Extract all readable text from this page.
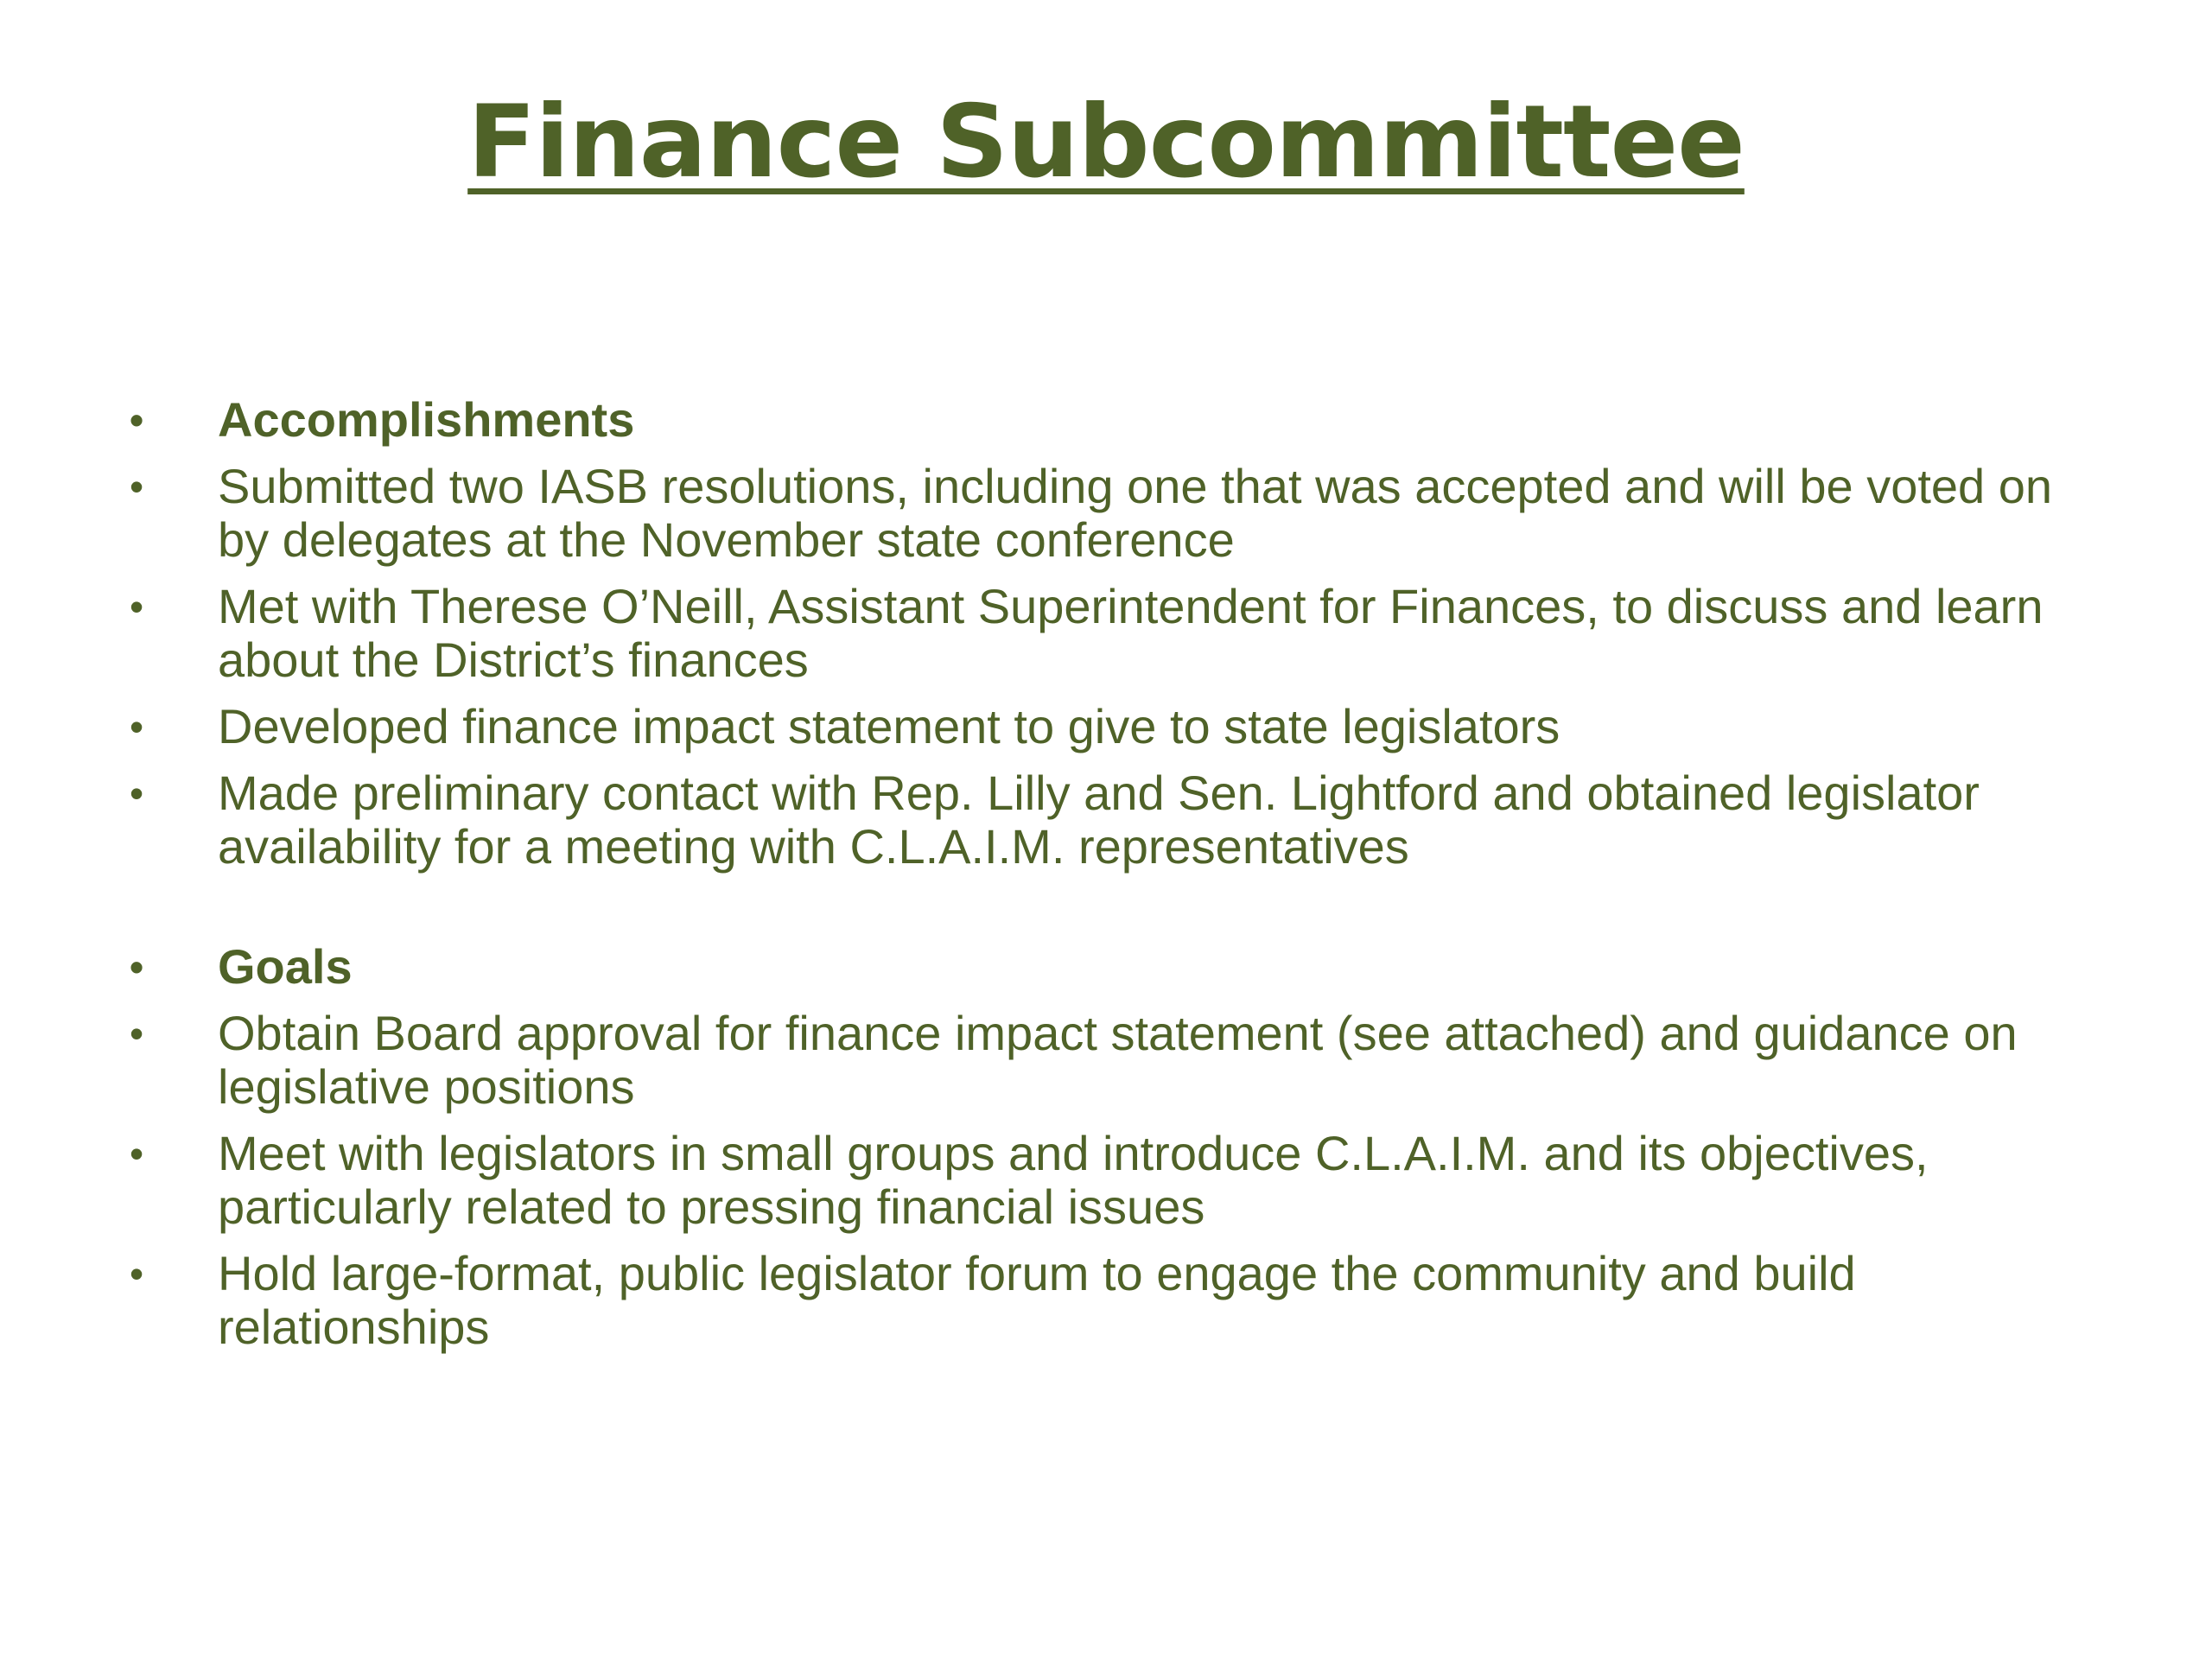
Finance Subcommittee
•	Accomplishments
•	Submitted two IASB resolutions, including one that was accepted and will be voted on by delegates at the November state conference
•	Met with Therese O’Neill, Assistant Superintendent for Finances, to discuss and learn about the District’s finances
•	Developed finance impact statement to give to state legislators
•	Made preliminary contact with Rep. Lilly and Sen. Lightford and obtained legislator availability for a meeting with C.L.A.I.M. representatives
•	Goals
•	Obtain Board approval for finance impact statement (see attached) and guidance on legislative positions
•	Meet with legislators in small groups and introduce C.L.A.I.M. and its objectives, particularly related to pressing financial issues
•	Hold large-format, public legislator forum to engage the community and build relationships
